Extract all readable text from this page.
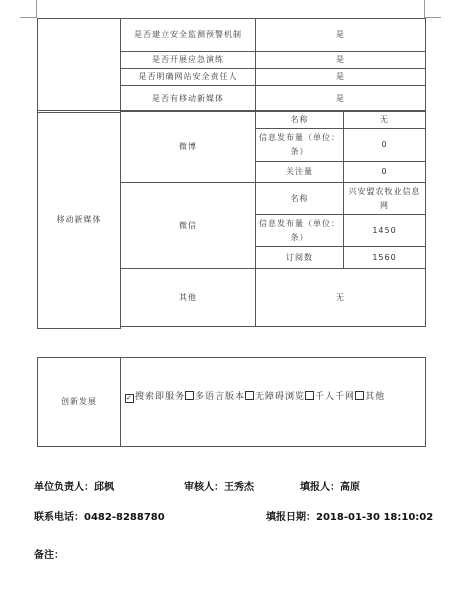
	是否建立安全监测预警机制	是
	是否开展应急演练	是
	是否明确网站安全责任人	是
	是否有移动新媒体	是

移动新媒体	微博	名称	无
		信息发布量（单位：条）	0
		关注量	0
	微信	名称	兴安盟农牧业信息网
		信息发布量（单位：条）	1450
		订阅数	1560
	其他	无	

创新发展	✓ 搜索即服务 多语言版本 无障碍浏览 千人千网 其他
单位负责人：邱枫	审核人：王秀杰	填报人：高原
联系电话：0482-8288780	填报日期：2018-01-30 18:10:02
备注：
